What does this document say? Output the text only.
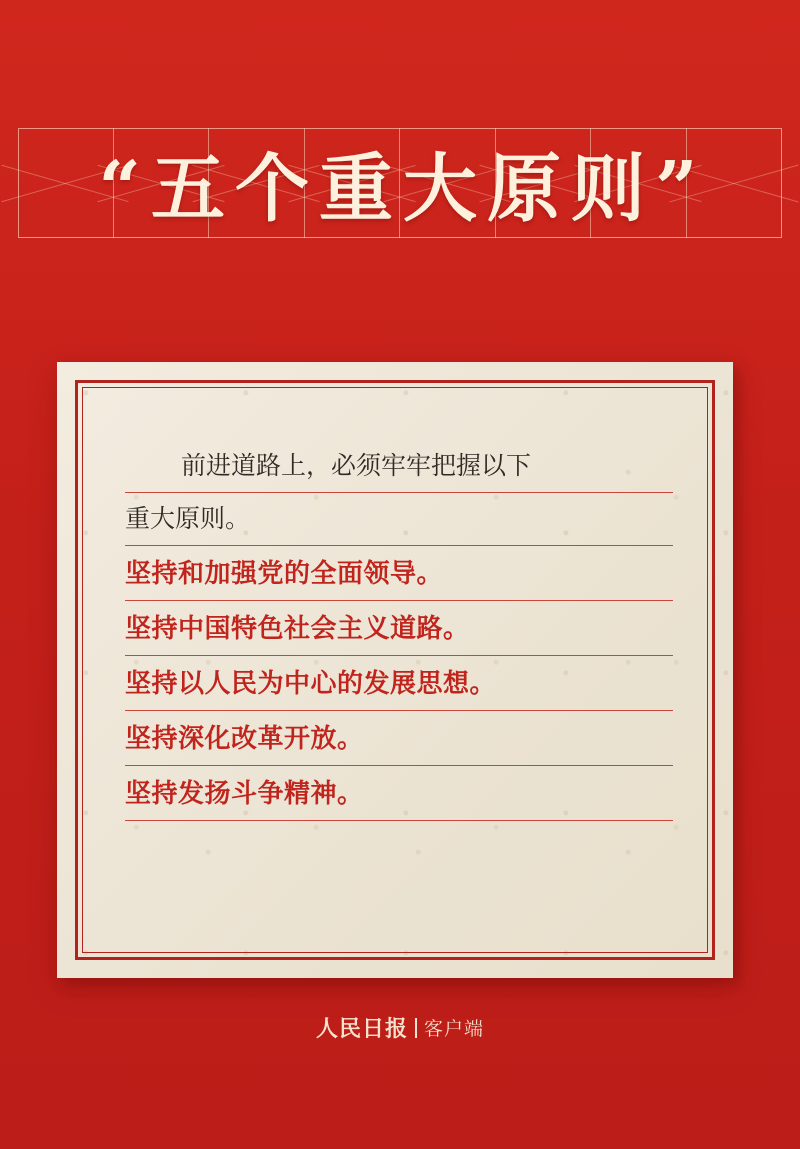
“五个重大原则”
前进道路上，必须牢牢把握以下
重大原则。
坚持和加强党的全面领导。
坚持中国特色社会主义道路。
坚持以人民为中心的发展思想。
坚持深化改革开放。
坚持发扬斗争精神。
人民日报 客户端
